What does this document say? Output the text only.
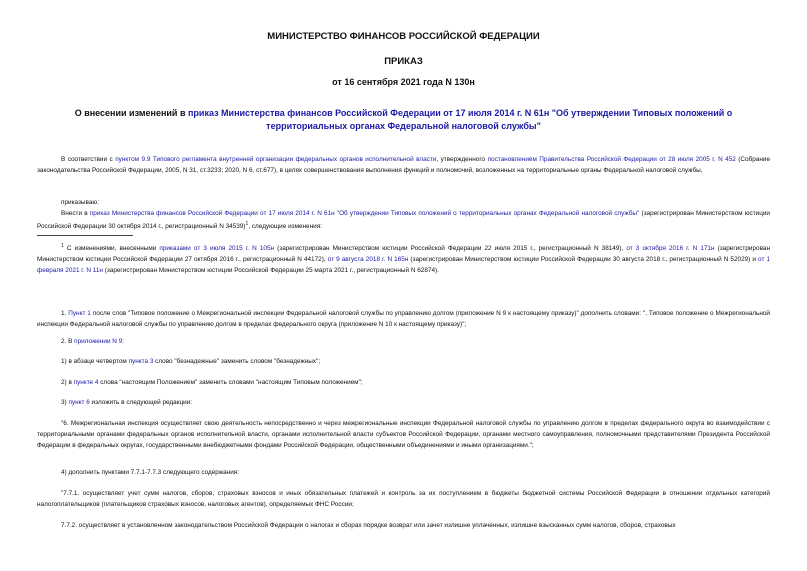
МИНИСТЕРСТВО ФИНАНСОВ РОССИЙСКОЙ ФЕДЕРАЦИИ
ПРИКАЗ
от 16 сентября 2021 года N 130н
О внесении изменений в приказ Министерства финансов Российской Федерации от 17 июля 2014 г. N 61н "Об утверждении Типовых положений о территориальных органах Федеральной налоговой службы"
В соответствии с пунктом 9.9 Типового регламента внутренней организации федеральных органов исполнительной власти, утвержденного постановлением Правительства Российской Федерации от 28 июля 2005 г. N 452 (Собрание законодательства Российской Федерации, 2005, N 31, ст.3233; 2020, N 6, ст.677), в целях совершенствования выполнения функций и полномочий, возложенных на территориальные органы Федеральной налоговой службы,
приказываю:
Внести в приказ Министерства финансов Российской Федерации от 17 июля 2014 г. N 61н "Об утверждении Типовых положений о территориальных органах Федеральной налоговой службы" (зарегистрирован Министерством юстиции Российской Федерации 30 октября 2014 г., регистрационный N 34539)$^1$, следующие изменения:
$^1$ С изменениями, внесенными приказами от 3 июля 2015 г. N 105н (зарегистрирован Министерством юстиции Российской Федерации 22 июля 2015 г., регистрационный N 38149), от 3 октября 2016 г. N 171н (зарегистрирован Министерством юстиции Российской Федерации 27 октября 2016 г., регистрационный N 44172), от 9 августа 2018 г. N 165н (зарегистрирован Министерством юстиции Российской Федерации 30 августа 2018 г., регистрационный N 52029) и от 1 февраля 2021 г. N 11н (зарегистрирован Министерством юстиции Российской Федерации 25 марта 2021 г., регистрационный N 62874).
1. Пункт 1 после слов "Типовое положение о Межрегиональной инспекции Федеральной налоговой службы по управлению долгом (приложение N 9 к настоящему приказу)" дополнить словами: ", Типовое положение о Межрегиональной инспекции Федеральной налоговой службы по управлению долгом в пределах федерального округа (приложение N 10 к настоящему приказу)";
2. В приложении N 9:
1) в абзаце четвертом пункта 3 слово "безнадежные" заменить словом "безнадежных";
2) в пункте 4 слова "настоящим Положением" заменить словами "настоящим Типовым положением";
3) пункт 6 изложить в следующей редакции:
"6. Межрегиональная инспекция осуществляет свою деятельность непосредственно и через межрегиональные инспекции Федеральной налоговой службы по управлению долгом в пределах федерального округа во взаимодействии с территориальными органами федеральных органов исполнительной власти, органами исполнительной власти субъектов Российской Федерации, органами местного самоуправления, полномочными представителями Президента Российской Федерации в федеральных округах, государственными внебюджетными фондами Российской Федерации, общественными объединениями и иными организациями.";
4) дополнить пунктами 7.7.1-7.7.3 следующего содержания:
"7.7.1. осуществляет учет сумм налогов, сборов, страховых взносов и иных обязательных платежей и контроль за их поступлением в бюджеты бюджетной системы Российской Федерации в отношении отдельных категорий налогоплательщиков (плательщиков страховых взносов, налоговых агентов), определяемых ФНС России;
7.7.2. осуществляет в установленном законодательством Российской Федерации о налогах и сборах порядке возврат или зачет излишне уплаченных, излишне взысканных сумм налогов, сборов, страховых
